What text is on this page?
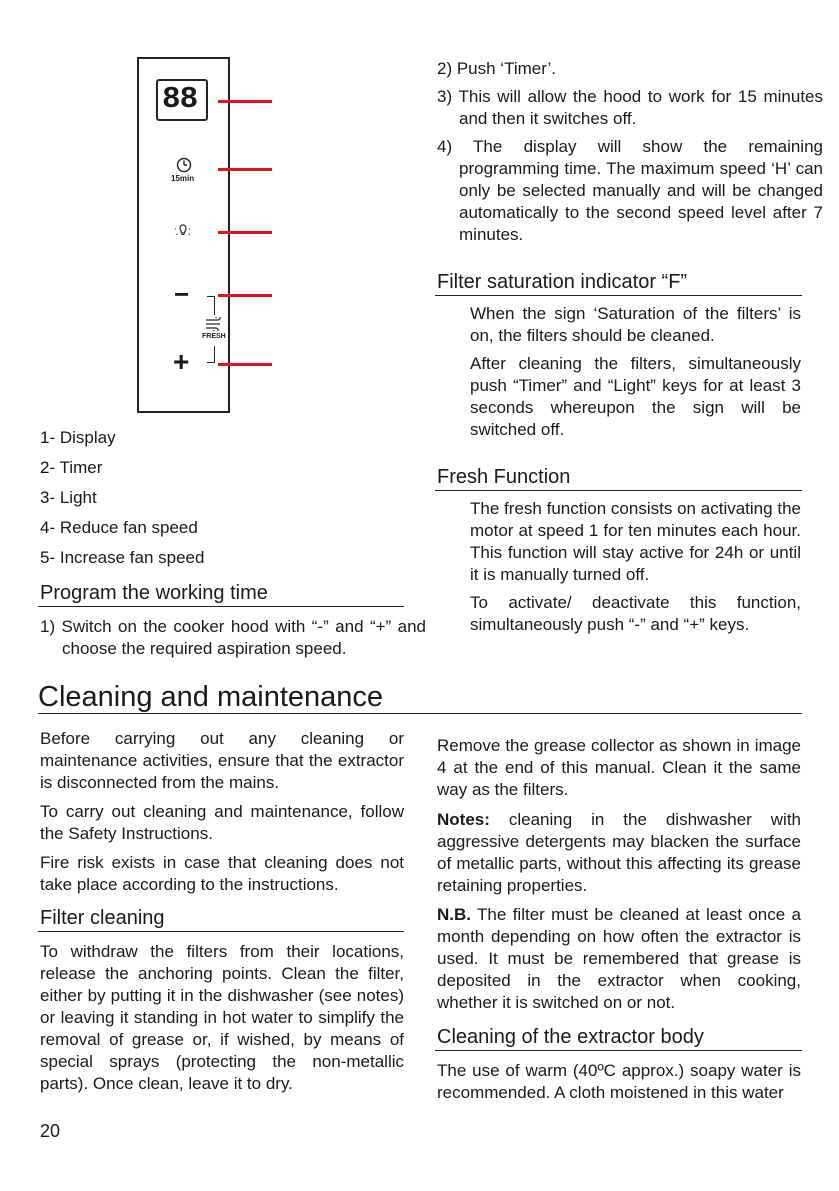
88
15min
−
FRESH
+

1- Display

2- Timer

3- Light

4- Reduce fan speed

5- Increase fan speed

Program the working time

1) Switch on the cooker hood with “-” and “+” and choose the required aspiration speed.

2) Push ‘Timer’.

3) This will allow the hood to work for 15 minutes and then it switches off.

4) The display will show the remaining programming time. The maximum speed ‘H’ can only be selected manually and will be changed automatically to the second speed level after 7 minutes.

Filter saturation indicator “F”

When the sign ‘Saturation of the filters’ is on, the filters should be cleaned.

After cleaning the filters, simultaneously push “Timer” and “Light” keys for at least 3 seconds whereupon the sign will be switched off.

Fresh Function

The fresh function consists on activating the motor at speed 1 for ten minutes each hour. This function will stay active for 24h or until it is manually turned off.

To activate/ deactivate this function, simultaneously push “-” and “+” keys.

Cleaning and maintenance

Before carrying out any cleaning or maintenance activities, ensure that the extractor is disconnected from the mains.

To carry out cleaning and maintenance, follow the Safety Instructions.

Fire risk exists in case that cleaning does not take place according to the instructions.

Filter cleaning

To withdraw the filters from their locations, release the anchoring points. Clean the filter, either by putting it in the dishwasher (see notes) or leaving it standing in hot water to simplify the removal of grease or, if wished, by means of special sprays (protecting the non-metallic parts). Once clean, leave it to dry.

Remove the grease collector as shown in image 4 at the end of this manual. Clean it the same way as the filters.

Notes: cleaning in the dishwasher with aggressive detergents may blacken the surface of metallic parts, without this affecting its grease retaining properties.

N.B. The filter must be cleaned at least once a month depending on how often the extractor is used. It must be remembered that grease is deposited in the extractor when cooking, whether it is switched on or not.

Cleaning of the extractor body

The use of warm (40ºC approx.) soapy water is recommended. A cloth moistened in this water

20
